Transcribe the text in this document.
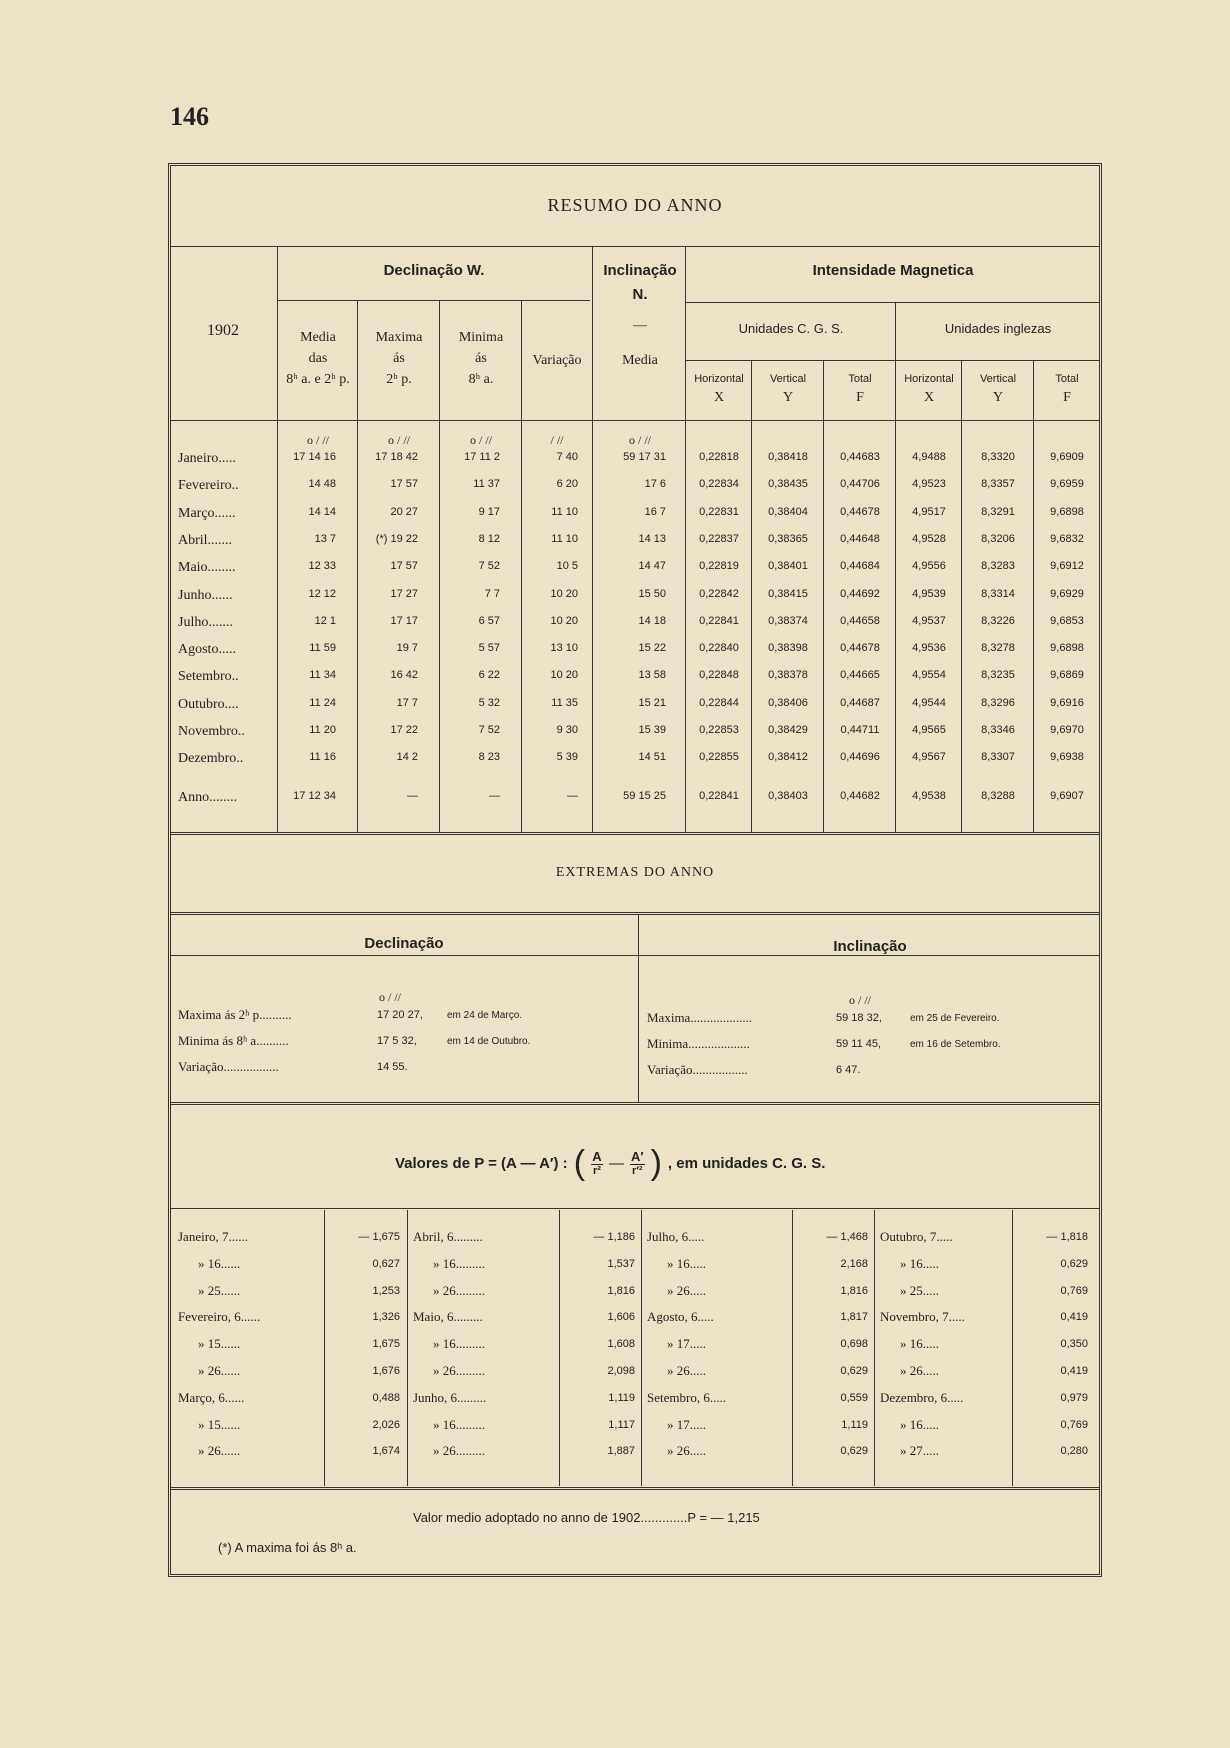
146
RESUMO DO ANNO
Declinação W.	Inclinação
N.
Intensidade Magnetica
1902	Media
das
8ʰ a. e 2ʰ p.
Maxima
ás
2ʰ p.
Minima
ás
8ʰ a.
Variação
—
Media
Unidades C. G. S.	Unidades inglezas
Horizontal	Vertical	Total	Horizontal	Vertical	Total
X	Y	F	X	Y	F
o / //	o / //	o / //	/ //	o / //
Janeiro.....	17 14 16	17 18 42	17 11 2	7 40	59 17 31	0,22818	0,38418	0,44683	4,9488	8,3320	9,6909
Fevereiro..	14 48	17 57	11 37	6 20	17 6	0,22834	0,38435	0,44706	4,9523	8,3357	9,6959
Março......	14 14	20 27	9 17	11 10	16 7	0,22831	0,38404	0,44678	4,9517	8,3291	9,6898
Abril.......	13 7	(*) 19 22	8 12	11 10	14 13	0,22837	0,38365	0,44648	4,9528	8,3206	9,6832
Maio........	12 33	17 57	7 52	10 5	14 47	0,22819	0,38401	0,44684	4,9556	8,3283	9,6912
Junho......	12 12	17 27	7 7	10 20	15 50	0,22842	0,38415	0,44692	4,9539	8,3314	9,6929
Julho.......	12 1	17 17	6 57	10 20	14 18	0,22841	0,38374	0,44658	4,9537	8,3226	9,6853
Agosto.....	11 59	19 7	5 57	13 10	15 22	0,22840	0,38398	0,44678	4,9536	8,3278	9,6898
Setembro..	11 34	16 42	6 22	10 20	13 58	0,22848	0,38378	0,44665	4,9554	8,3235	9,6869
Outubro....	11 24	17 7	5 32	11 35	15 21	0,22844	0,38406	0,44687	4,9544	8,3296	9,6916
Novembro..	11 20	17 22	7 52	9 30	15 39	0,22853	0,38429	0,44711	4,9565	8,3346	9,6970
Dezembro..	11 16	14 2	8 23	5 39	14 51	0,22855	0,38412	0,44696	4,9567	8,3307	9,6938
Anno........	17 12 34	—	—	—	59 15 25	0,22841	0,38403	0,44682	4,9538	8,3288	9,6907
EXTREMAS DO ANNO
Declinação	Inclinação
o / //	o / //
Maxima ás 2ʰ p..........	17 20 27, em 24 de Março.
Minima ás 8ʰ a..........	17 5 32,	em 14 de Outubro.
Variação.................	14 55.
Maxima...................	59 18 32,	em 25 de Fevereiro.
Minima...................	59 11 45,	em 16 de Setembro.
Variação.................	6 47.
Valores de P = (A — A′) : ( A
r² — A′
r′² ) , em unidades C. G. S.
Janeiro, 7......	— 1,675
» 16......	0,627
» 25......	1,253
Fevereiro, 6......	1,326
» 15......	1,675
» 26......	1,676
Março, 6......	0,488
» 15......	2,026
» 26......	1,674
Abril, 6.........	— 1,186
» 16.........	1,537
» 26.........	1,816
Maio, 6.........	1,606
» 16.........	1,608
» 26.........	2,098
Junho, 6.........	1,119
» 16.........	1,117
» 26.........	1,887
Julho, 6.....	— 1,468
» 16.....	2,168
» 26.....	1,816
Agosto, 6.....	1,817
» 17.....	0,698
» 26.....	0,629
Setembro, 6.....	0,559
» 17.....	1,119
» 26.....	0,629
Outubro, 7.....	— 1,818
» 16.....	0,629
» 25.....	0,769
Novembro, 7.....	0,419
» 16.....	0,350
» 26.....	0,419
Dezembro, 6.....	0,979
» 16.....	0,769
» 27.....	0,280
Valor medio adoptado no anno de 1902.............P = — 1,215
(*) A maxima foi ás 8ʰ a.
